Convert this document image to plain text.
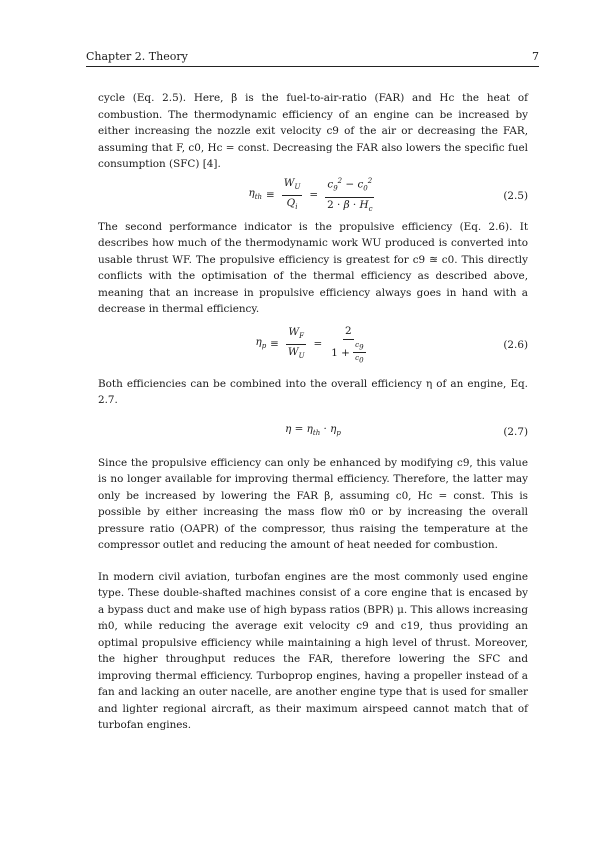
Chapter 2. Theory	7

cycle (Eq. 2.5). Here, β is the fuel-to-air-ratio (FAR) and Hc the heat of combustion. The thermodynamic efficiency of an engine can be increased by either increasing the nozzle exit velocity c9 of the air or decreasing the FAR, assuming that F, c0, Hc = const. Decreasing the FAR also lowers the specific fuel consumption (SFC) [4].

$\eta_{th} \equiv \frac{W_U}{Q_i} = \frac{c_9^2 - c_0^2}{2 \cdot \beta \cdot H_c}$	(2.5)

The second performance indicator is the propulsive efficiency (Eq. 2.6). It describes how much of the thermodynamic work WU produced is converted into usable thrust WF. The propulsive efficiency is greatest for c9 ≊ c0. This directly conflicts with the optimisation of the thermal efficiency as described above, meaning that an increase in propulsive efficiency always goes in hand with a decrease in thermal efficiency.

$\eta_p \equiv \frac{W_F}{W_U} = \frac{2}{1 + \frac{c_9}{c_0}}$	(2.6)

Both efficiencies can be combined into the overall efficiency η of an engine, Eq. 2.7.

$\eta = \eta_{th} \cdot \eta_p$	(2.7)

Since the propulsive efficiency can only be enhanced by modifying c9, this value is no longer available for improving thermal efficiency. Therefore, the latter may only be increased by lowering the FAR β, assuming c0, Hc = const. This is possible by either increasing the mass flow ṁ0 or by increasing the overall pressure ratio (OAPR) of the compressor, thus raising the temperature at the compressor outlet and reducing the amount of heat needed for combustion.

In modern civil aviation, turbofan engines are the most commonly used engine type. These double-shafted machines consist of a core engine that is encased by a bypass duct and make use of high bypass ratios (BPR) μ. This allows increasing ṁ0, while reducing the average exit velocity c9 and c19, thus providing an optimal propulsive efficiency while maintaining a high level of thrust. Moreover, the higher throughput reduces the FAR, therefore lowering the SFC and improving thermal efficiency. Turboprop engines, having a propeller instead of a fan and lacking an outer nacelle, are another engine type that is used for smaller and lighter regional aircraft, as their maximum airspeed cannot match that of turbofan engines.
